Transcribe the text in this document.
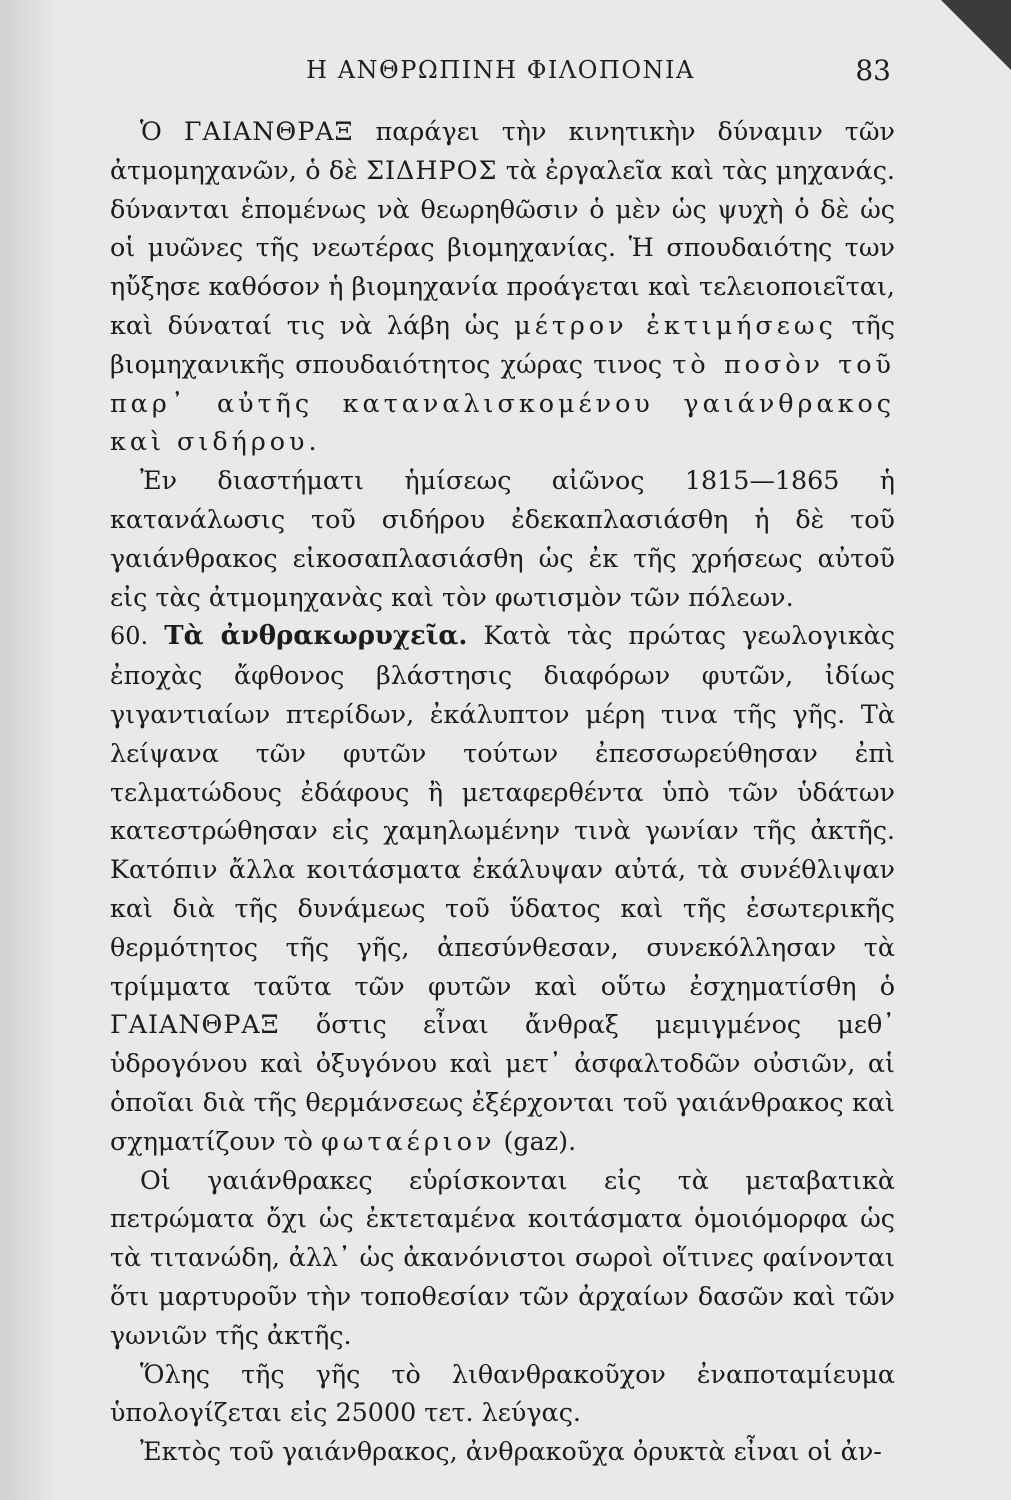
Η ΑΝΘΡΩΠΙΝΗ ΦΙΛΟΠΟΝΙΑ	83

Ὁ ΓΑΙΑΝΘΡΑΞ παράγει τὴν κινητικὴν δύναμιν τῶν ἀτμομηχανῶν, ὁ δὲ ΣΙΔΗΡΟΣ τὰ ἐργαλεῖα καὶ τὰς μηχανάς. δύνανται ἑπομένως νὰ θεωρηθῶσιν ὁ μὲν ὡς ψυχὴ ὁ δὲ ὡς οἱ μυῶνες τῆς νεωτέρας βιομηχανίας. Ἡ σπουδαιότης των ηὔξησε καθόσον ἡ βιομηχανία προάγεται καὶ τελειοποιεῖται, καὶ δύναταί τις νὰ λάβη ὡς μέτρον ἐκτιμήσεως τῆς βιομηχανικῆς σπουδαιότητος χώρας τινος τὸ ποσὸν τοῦ παρ᾽ αὐτῆς καταναλισκομένου γαιάνθρακος καὶ σιδήρου.

Ἐν διαστήματι ἡμίσεως αἰῶνος 1815—1865 ἡ κατανάλωσις τοῦ σιδήρου ἐδεκαπλασιάσθη ἡ δὲ τοῦ γαιάνθρακος εἰκοσαπλασιάσθη ὡς ἐκ τῆς χρήσεως αὐτοῦ εἰς τὰς ἀτμομηχανὰς καὶ τὸν φωτισμὸν τῶν πόλεων.

60. Τὰ ἀνθρακωρυχεῖα. Κατὰ τὰς πρώτας γεωλογικὰς ἐποχὰς ἄφθονος βλάστησις διαφόρων φυτῶν, ἰδίως γιγαντιαίων πτερίδων, ἐκάλυπτον μέρη τινα τῆς γῆς. Τὰ λείψανα τῶν φυτῶν τούτων ἐπεσσωρεύθησαν ἐπὶ τελματώδους ἐδάφους ἢ μεταφερθέντα ὑπὸ τῶν ὑδάτων κατεστρώθησαν εἰς χαμηλωμένην τινὰ γωνίαν τῆς ἀκτῆς. Κατόπιν ἄλλα κοιτάσματα ἐκάλυψαν αὐτά, τὰ συνέθλιψαν καὶ διὰ τῆς δυνάμεως τοῦ ὕδατος καὶ τῆς ἐσωτερικῆς θερμότητος τῆς γῆς, ἀπεσύνθεσαν, συνεκόλλησαν τὰ τρίμματα ταῦτα τῶν φυτῶν καὶ οὕτω ἐσχηματίσθη ὁ ΓΑΙΑΝΘΡΑΞ ὅστις εἶναι ἄνθραξ μεμιγμένος μεθ᾽ ὑδρογόνου καὶ ὀξυγόνου καὶ μετ᾽ ἀσφαλτοδῶν οὐσιῶν, αἱ ὁποῖαι διὰ τῆς θερμάνσεως ἐξέρχονται τοῦ γαιάνθρακος καὶ σχηματίζουν τὸ φωταέριον (gaz).

Οἱ γαιάνθρακες εὑρίσκονται εἰς τὰ μεταβατικὰ πετρώματα ὄχι ὡς ἐκτεταμένα κοιτάσματα ὁμοιόμορφα ὡς τὰ τιτανώδη, ἀλλ᾽ ὡς ἀκανόνιστοι σωροὶ οἵτινες φαίνονται ὅτι μαρτυροῦν τὴν τοποθεσίαν τῶν ἀρχαίων δασῶν καὶ τῶν γωνιῶν τῆς ἀκτῆς.

Ὅλης τῆς γῆς τὸ λιθανθρακοῦχον ἐναποταμίευμα ὑπολογίζεται εἰς 25000 τετ. λεύγας.

Ἐκτὸς τοῦ γαιάνθρακος, ἀνθρακοῦχα ὀρυκτὰ εἶναι οἱ ἀν-
